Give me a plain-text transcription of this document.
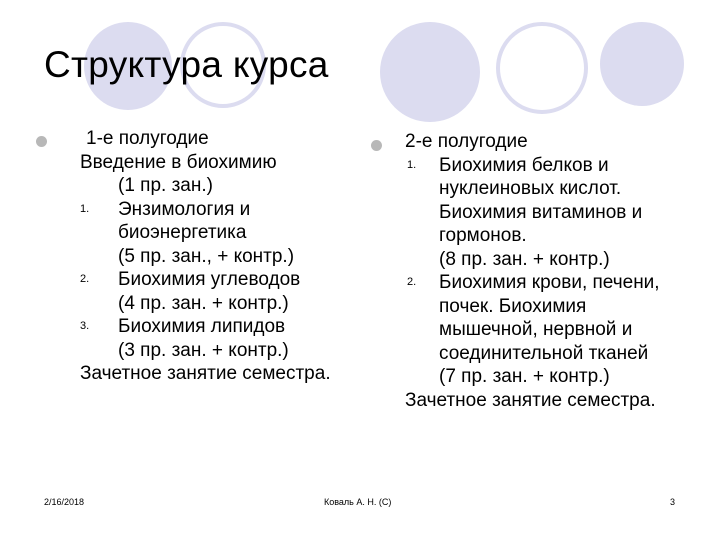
Структура курса
1-е полугодие
Введение в биохимию
(1 пр. зан.)
1. Энзимология и
биоэнергетика
(5 пр. зан., + контр.)
2. Биохимия углеводов
(4 пр. зан. + контр.)
3. Биохимия липидов
(3 пр. зан. + контр.)
Зачетное занятие семестра.
2-е полугодие
1. Биохимия белков и
нуклеиновых кислот.
Биохимия витаминов и
гормонов.
(8 пр. зан. + контр.)
2. Биохимия крови, печени,
почек. Биохимия
мышечной, нервной и
соединительной тканей
(7 пр. зан. + контр.)
Зачетное занятие семестра.
2/16/2018	Коваль А. Н. (C)	3
